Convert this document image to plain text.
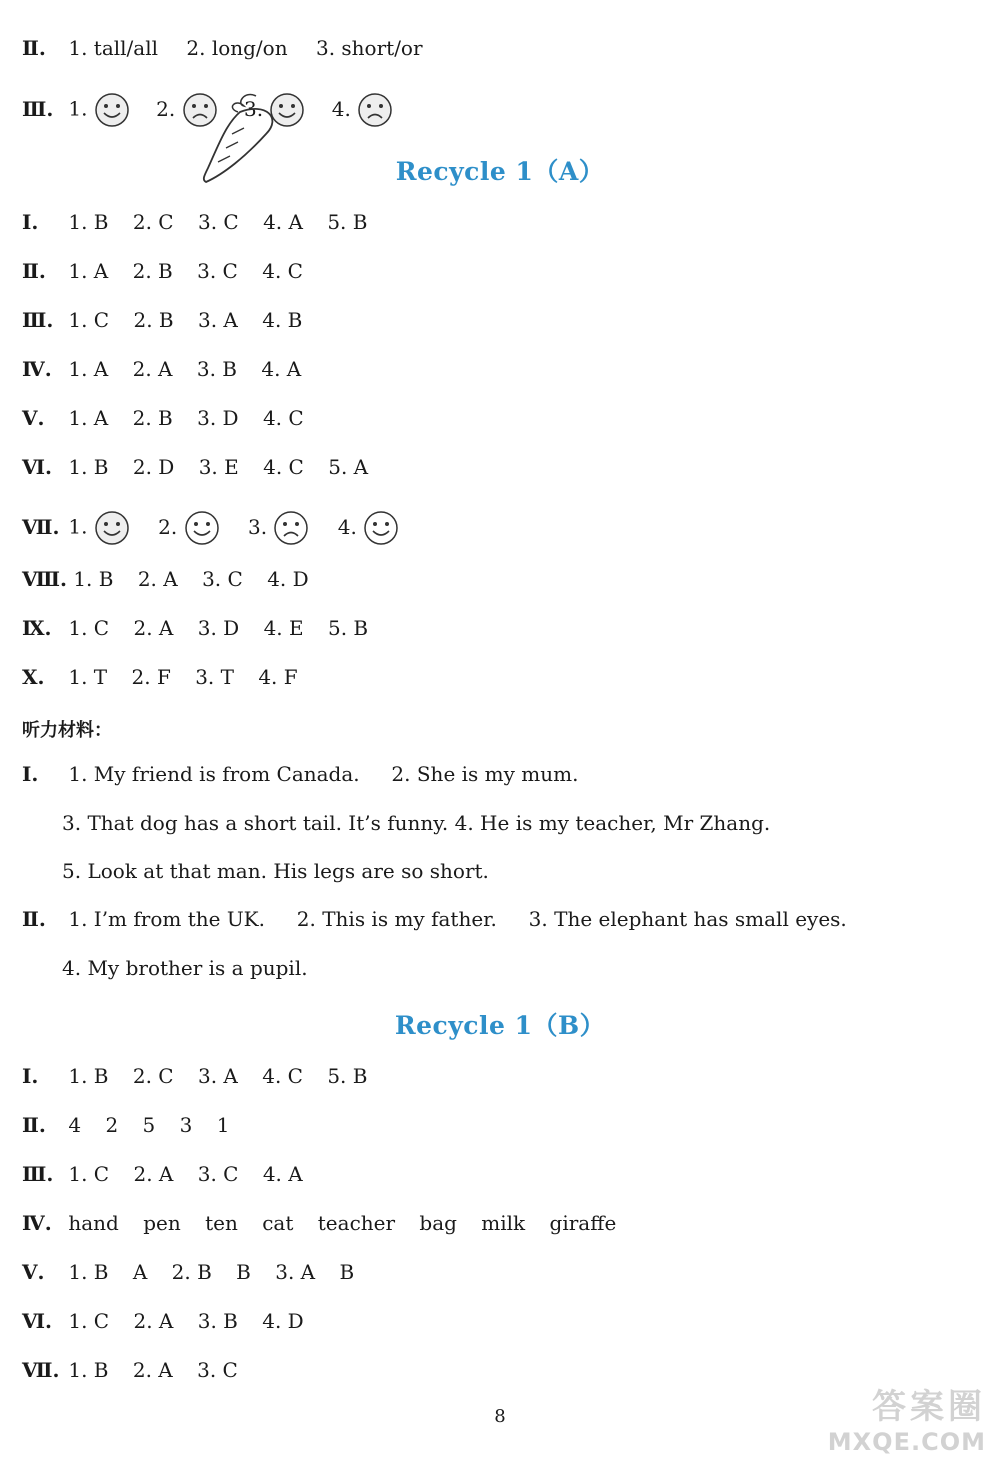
Ⅱ. 1. tall/all 2. long/on 3. short/or
Ⅲ. 1.	2.	3.	4.
Recycle 1（A）
Ⅰ. 1. B 2. C 3. C 4. A 5. B
Ⅱ. 1. A 2. B 3. C 4. C
Ⅲ. 1. C 2. B 3. A 4. B
Ⅳ. 1. A 2. A 3. B 4. A
Ⅴ. 1. A 2. B 3. D 4. C
Ⅵ. 1. B 2. D 3. E 4. C 5. A
Ⅶ. 1.	2.	3.	4.
Ⅷ. 1. B 2. A 3. C 4. D
Ⅸ. 1. C 2. A 3. D 4. E 5. B
Ⅹ. 1. T 2. F 3. T 4. F
听力材料：
Ⅰ. 1. My friend is from Canada.     2. She is my mum.
3. That dog has a short tail. It’s funny. 4. He is my teacher, Mr Zhang.
5. Look at that man. His legs are so short.
Ⅱ. 1. I’m from the UK.     2. This is my father.     3. The elephant has small eyes.
4. My brother is a pupil.
Recycle 1（B）
Ⅰ. 1. B 2. C 3. A 4. C 5. B
Ⅱ. 4 2 5 3 1
Ⅲ. 1. C 2. A 3. C 4. A
Ⅳ. hand pen ten cat teacher bag milk giraffe
Ⅴ. 1. B A 2. B B 3. A B
Ⅵ. 1. C 2. A 3. B 4. D
Ⅶ. 1. B 2. A 3. C
8	答案圈
MXQE.COM
